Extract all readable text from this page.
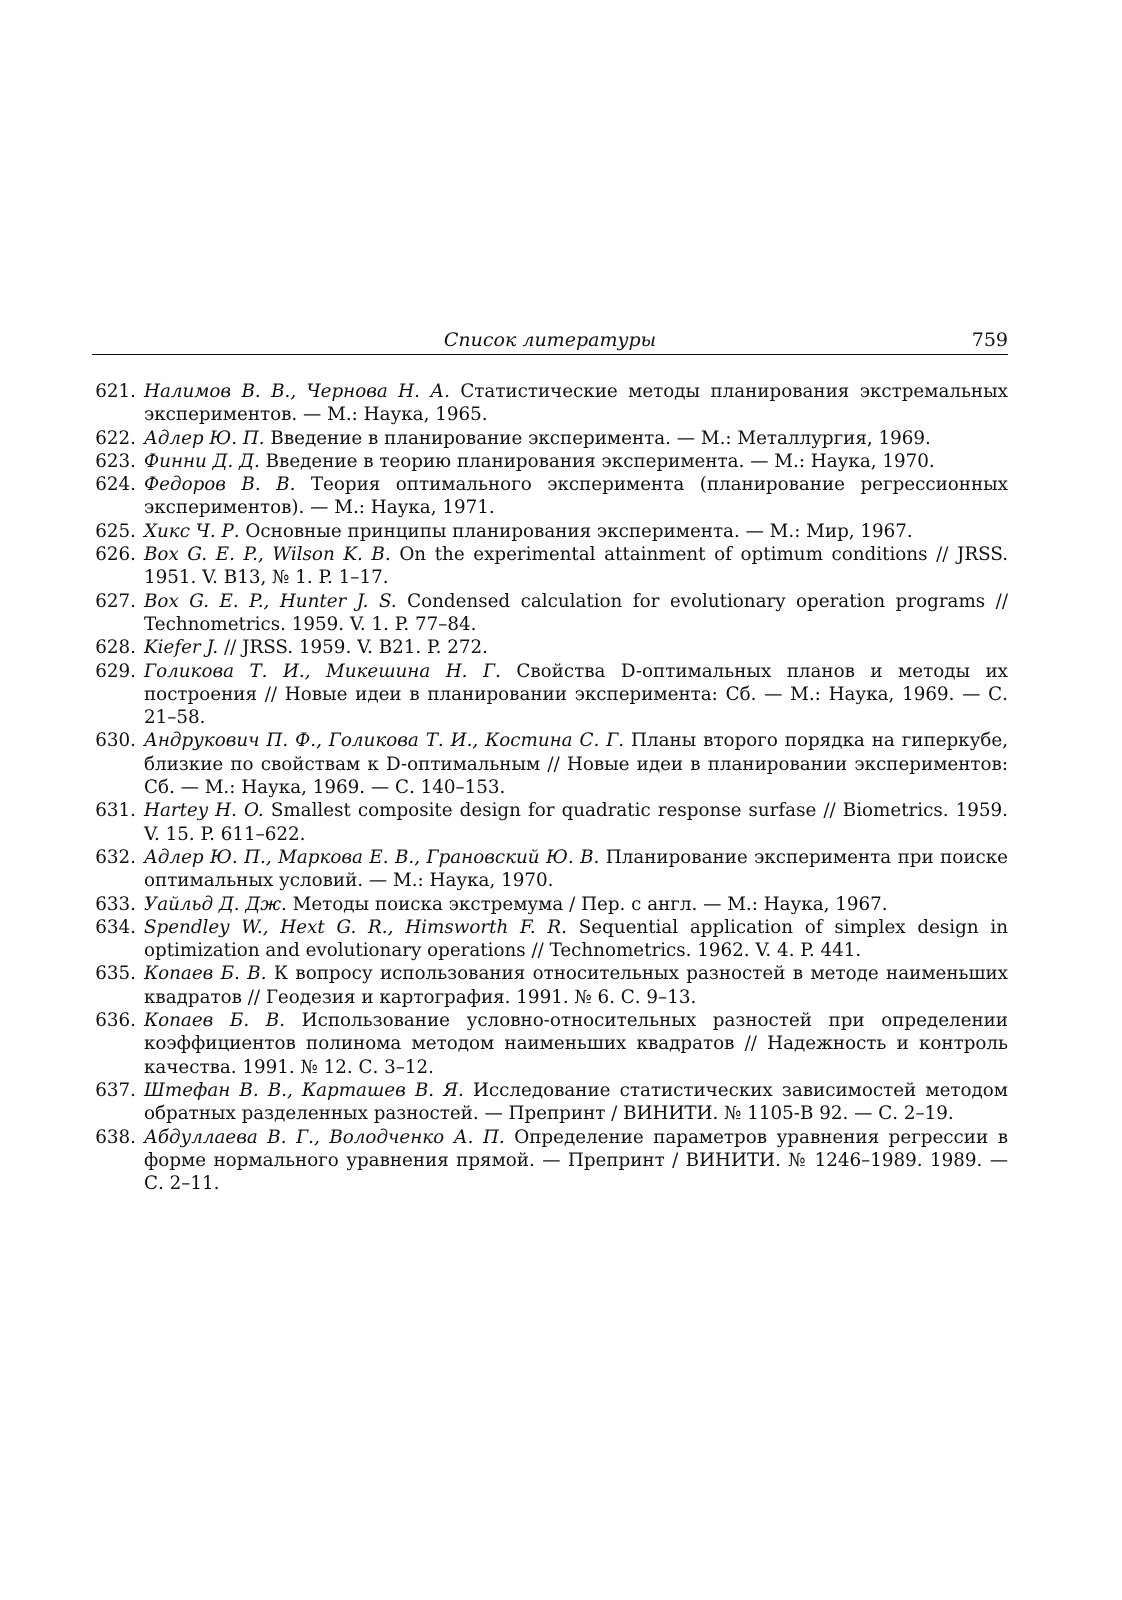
Список литературы	759
621. Налимов В. В., Чернова Н. А. Статистические методы планирования экстремальных экспериментов. — М.: Наука, 1965.
622. Адлер Ю. П. Введение в планирование эксперимента. — М.: Металлургия, 1969.
623. Финни Д. Д. Введение в теорию планирования эксперимента. — М.: Наука, 1970.
624. Федоров В. В. Теория оптимального эксперимента (планирование регрессионных экспериментов). — М.: Наука, 1971.
625. Хикс Ч. Р. Основные принципы планирования эксперимента. — М.: Мир, 1967.
626. Box G. E. P., Wilson K. B. On the experimental attainment of optimum conditions // JRSS. 1951. V. B13, № 1. P. 1–17.
627. Box G. E. P., Hunter J. S. Condensed calculation for evolutionary operation programs // Technometrics. 1959. V. 1. P. 77–84.
628. Kiefer J. // JRSS. 1959. V. B21. P. 272.
629. Голикова Т. И., Микешина Н. Г. Свойства D-оптимальных планов и методы их построения // Новые идеи в планировании эксперимента: Сб. — М.: Наука, 1969. — С. 21–58.
630. Андрукович П. Ф., Голикова Т. И., Костина С. Г. Планы второго порядка на гиперкубе, близкие по свойствам к D-оптимальным // Новые идеи в планировании экспериментов: Сб. — М.: Наука, 1969. — С. 140–153.
631. Hartey H. O. Smallest composite design for quadratic response surfase // Biometrics. 1959. V. 15. P. 611–622.
632. Адлер Ю. П., Маркова Е. В., Грановский Ю. В. Планирование эксперимента при поиске оптимальных условий. — М.: Наука, 1970.
633. Уайльд Д. Дж. Методы поиска экстремума / Пер. с англ. — М.: Наука, 1967.
634. Spendley W., Hext G. R., Himsworth F. R. Sequential application of simplex design in optimization and evolutionary operations // Technometrics. 1962. V. 4. P. 441.
635. Копаев Б. В. К вопросу использования относительных разностей в методе наименьших квадратов // Геодезия и картография. 1991. № 6. С. 9–13.
636. Копаев Б. В. Использование условно-относительных разностей при определении коэффициентов полинома методом наименьших квадратов // Надежность и контроль качества. 1991. № 12. С. 3–12.
637. Штефан В. В., Карташев В. Я. Исследование статистических зависимостей методом обратных разделенных разностей. — Препринт / ВИНИТИ. № 1105-В 92. — С. 2–19.
638. Абдуллаева В. Г., Володченко А. П. Определение параметров уравнения регрессии в форме нормального уравнения прямой. — Препринт / ВИНИТИ. № 1246–1989. 1989. — С. 2–11.
